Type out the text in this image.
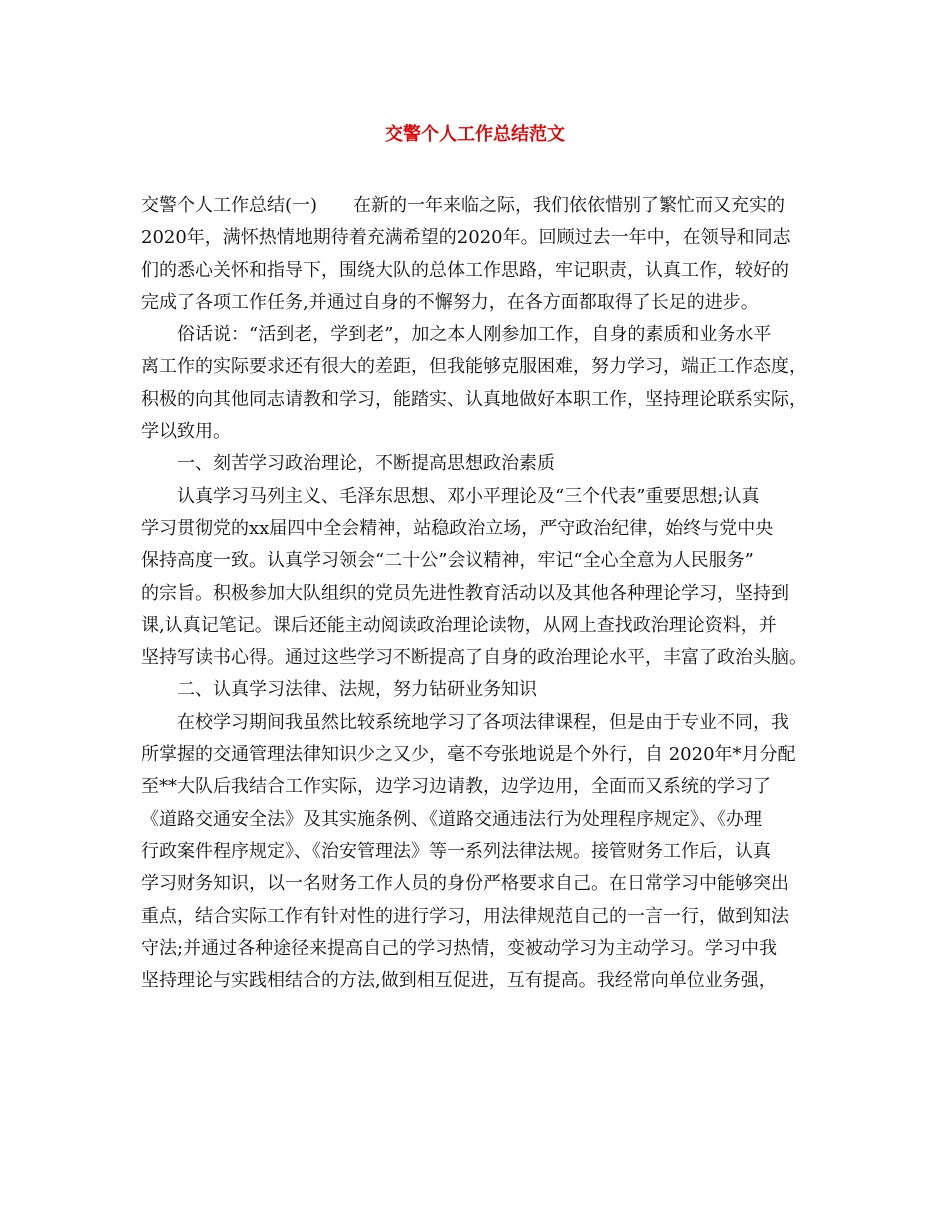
交警个人工作总结范文
交警个人工作总结(一)　　在新的一年来临之际，我们依依惜别了繁忙而又充实的
2020年，满怀热情地期待着充满希望的2020年。回顾过去一年中，在领导和同志
们的悉心关怀和指导下，围绕大队的总体工作思路，牢记职责，认真工作，较好的
完成了各项工作任务,并通过自身的不懈努力，在各方面都取得了长足的进步。
俗话说：“活到老，学到老”，加之本人刚参加工作，自身的素质和业务水平
离工作的实际要求还有很大的差距，但我能够克服困难，努力学习，端正工作态度，
积极的向其他同志请教和学习，能踏实、认真地做好本职工作，坚持理论联系实际，
学以致用。
一、刻苦学习政治理论，不断提高思想政治素质
认真学习马列主义、毛泽东思想、邓小平理论及“三个代表”重要思想;认真
学习贯彻党的xx届四中全会精神，站稳政治立场，严守政治纪律，始终与党中央
保持高度一致。认真学习领会“二十公”会议精神，牢记“全心全意为人民服务”
的宗旨。积极参加大队组织的党员先进性教育活动以及其他各种理论学习，坚持到
课,认真记笔记。课后还能主动阅读政治理论读物，从网上查找政治理论资料，并
坚持写读书心得。通过这些学习不断提高了自身的政治理论水平，丰富了政治头脑。
二、认真学习法律、法规，努力钻研业务知识
在校学习期间我虽然比较系统地学习了各项法律课程，但是由于专业不同，我
所掌握的交通管理法律知识少之又少，毫不夸张地说是个外行，自 2020年*月分配
至**大队后我结合工作实际，边学习边请教，边学边用，全面而又系统的学习了
《道路交通安全法》及其实施条例、《道路交通违法行为处理程序规定》、《办理
行政案件程序规定》、《治安管理法》等一系列法律法规。接管财务工作后，认真
学习财务知识，以一名财务工作人员的身份严格要求自己。在日常学习中能够突出
重点，结合实际工作有针对性的进行学习，用法律规范自己的一言一行，做到知法
守法;并通过各种途径来提高自己的学习热情，变被动学习为主动学习。学习中我
坚持理论与实践相结合的方法,做到相互促进，互有提高。我经常向单位业务强，
